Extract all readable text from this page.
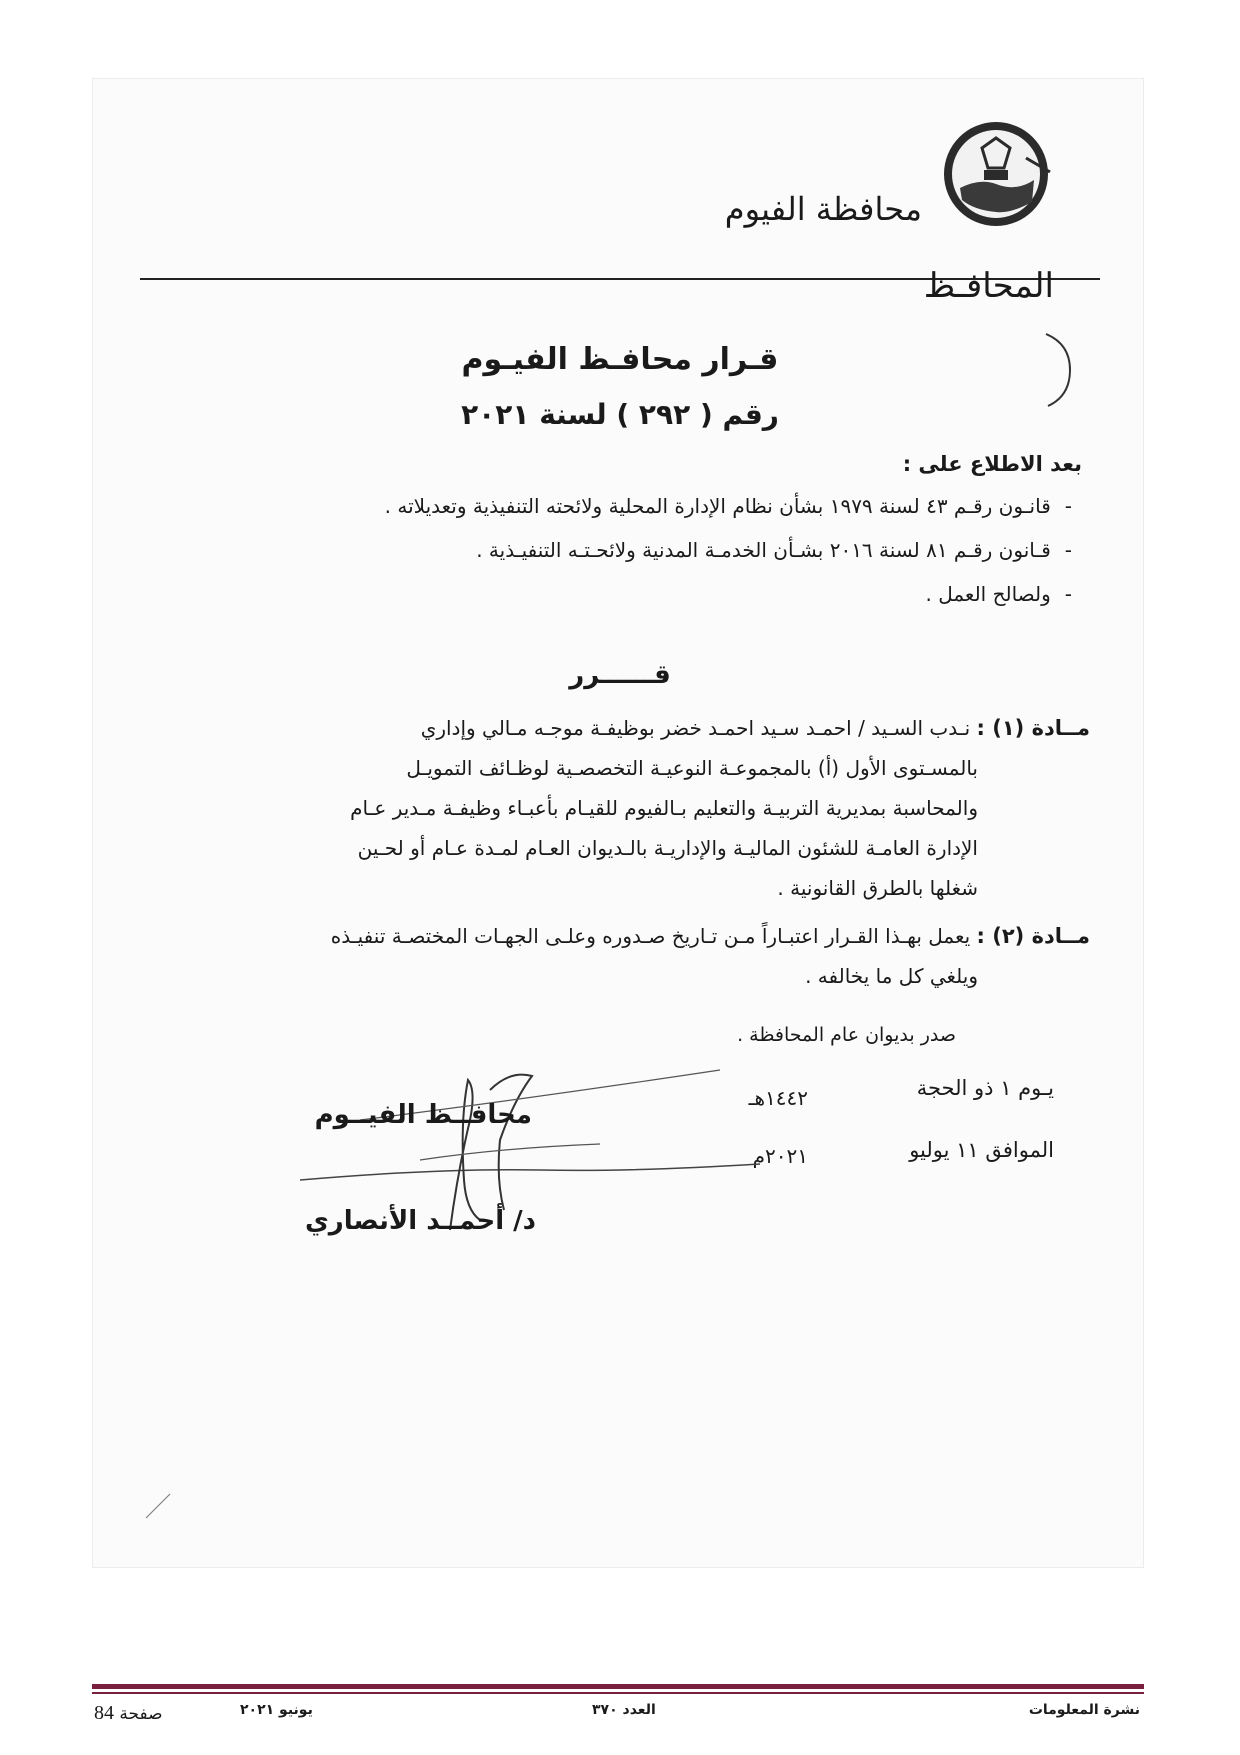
محافظة الفيوم
المحافـظ
قـرار محافـظ الفيـوم
رقم ( ٢٩٢ ) لسنة ٢٠٢١
بعد الاطلاع على :
-قانـون رقـم ٤٣ لسنة ١٩٧٩ بشأن نظام الإدارة المحلية ولائحته التنفيذية وتعديلاته .
-قـانون رقـم ٨١ لسنة ٢٠١٦ بشـأن الخدمـة المدنية ولائحـتـه التنفيـذية .
-ولصالح العمل .
قــــــرر
مــادة (١) : نـدب السـيد / احمـد سـيد احمـد خضر بوظيفـة موجـه مـالي وإداري
بالمسـتوى الأول (أ) بالمجموعـة النوعيـة التخصصـية لوظـائف التمويـل
والمحاسبة بمديرية التربيـة والتعليم بـالفيوم للقيـام بأعبـاء وظيفـة مـدير عـام
الإدارة العامـة للشئون الماليـة والإداريـة بالـديوان العـام لمـدة عـام أو لحـين
شغلها بالطرق القانونية .
مــادة (٢) : يعمل بهـذا القـرار اعتبـاراً مـن تـاريخ صـدوره وعلـى الجهـات المختصـة تنفيـذه
ويلغي كل ما يخالفه .
صدر بديوان عام المحافظة .
يـوم ١ ذو الحجة
١٤٤٢هـ
الموافق ١١ يوليو
٢٠٢١م
محافــظ الفيــوم
د/ أحمــد الأنصاري
نشرة المعلومات
العدد ٣٧٠
يونيو ٢٠٢١
84 صفحة
